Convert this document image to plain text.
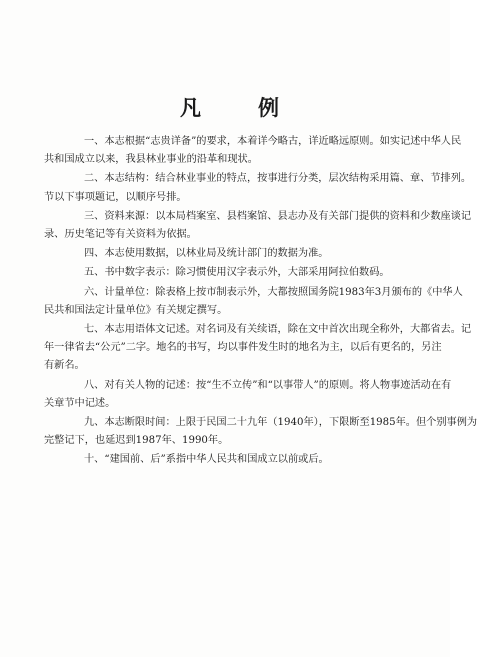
凡	例
一、本志根据“志贵详备”的要求，本着详今略古，详近略远原则。如实记述中华人民
共和国成立以来，我县林业事业的沿革和现状。
二、本志结构：结合林业事业的特点，按事进行分类，层次结构采用篇、章、节排列。
节以下事项题记，以顺序号排。
三、资料来源：以本局档案室、县档案馆、县志办及有关部门提供的资料和少数座谈记
录、历史笔记等有关资料为依据。
四、本志使用数据，以林业局及统计部门的数据为准。
五、书中数字表示：除习惯使用汉字表示外，大部采用阿拉伯数码。
六、计量单位：除表格上按市制表示外，大都按照国务院1983年3月颁布的《中华人
民共和国法定计量单位》有关规定撰写。
七、本志用语体文记述。对名词及有关续语，除在文中首次出现全称外，大都省去。记
年一律省去“公元”二字。地名的书写，均以事件发生时的地名为主，以后有更名的，另注
有新名。
八、对有关人物的记述：按“生不立传”和“以事带人”的原则。将人物事迹活动在有
关章节中记述。
九、本志断限时间：上限于民国二十九年（1940年），下限断至1985年。但个别事例为
完整记下，也延迟到1987年、1990年。
十、“建国前、后”系指中华人民共和国成立以前或后。
